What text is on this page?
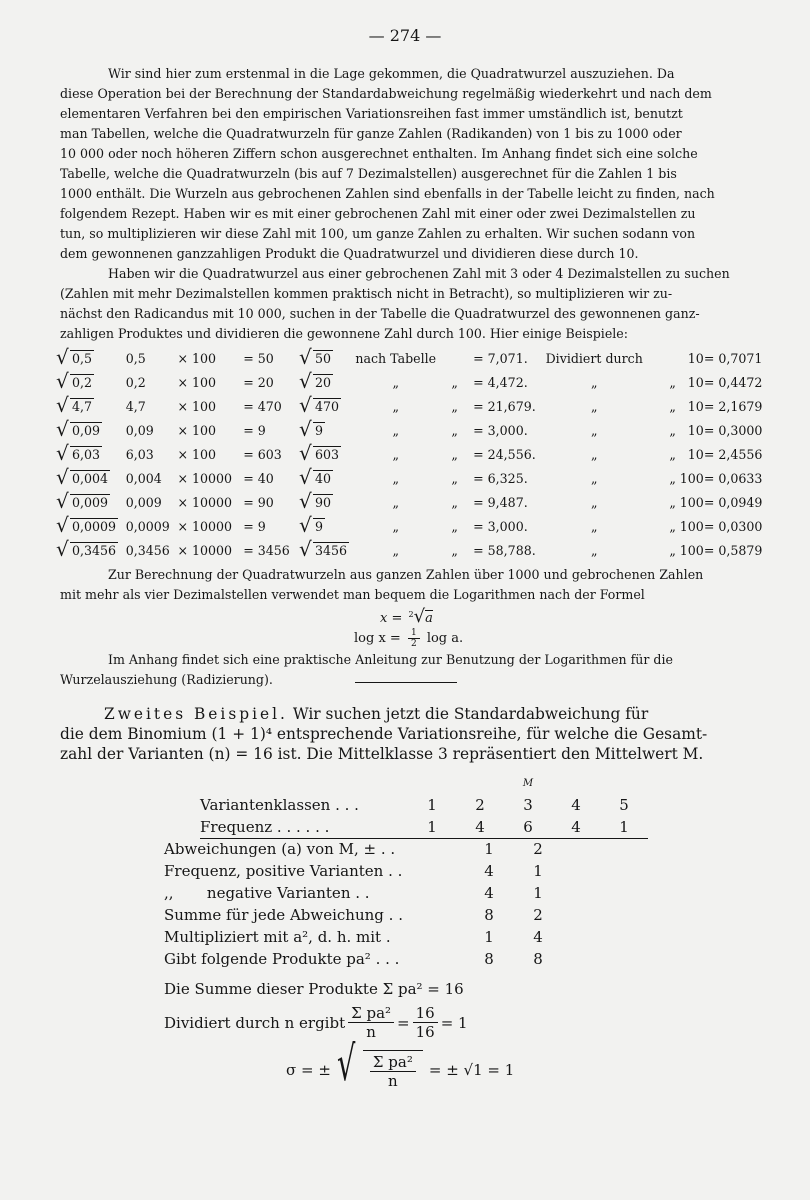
— 274 —
Wir sind hier zum erstenmal in die Lage gekommen, die Quadratwurzel auszuziehen. Da
diese Operation bei der Berechnung der Standardabweichung regelmäßig wiederkehrt und nach dem
elementaren Verfahren bei den empirischen Variationsreihen fast immer umständlich ist, benutzt
man Tabellen, welche die Quadratwurzeln für ganze Zahlen (Radikanden) von 1 bis zu 1000 oder
10 000 oder noch höheren Ziffern schon ausgerechnet enthalten. Im Anhang findet sich eine solche
Tabelle, welche die Quadratwurzeln (bis auf 7 Dezimalstellen) ausgerechnet für die Zahlen 1 bis
1000 enthält. Die Wurzeln aus gebrochenen Zahlen sind ebenfalls in der Tabelle leicht zu finden, nach
folgendem Rezept. Haben wir es mit einer gebrochenen Zahl mit einer oder zwei Dezimalstellen zu
tun, so multiplizieren wir diese Zahl mit 100, um ganze Zahlen zu erhalten. Wir suchen sodann von
dem gewonnenen ganzzahligen Produkt die Quadratwurzel und dividieren diese durch 10.
Haben wir die Quadratwurzel aus einer gebrochenen Zahl mit 3 oder 4 Dezimalstellen zu suchen
(Zahlen mit mehr Dezimalstellen kommen praktisch nicht in Betracht), so multiplizieren wir zu-
nächst den Radicandus mit 10 000, suchen in der Tabelle die Quadratwurzel des gewonnenen ganz-
zahligen Produktes und dividieren die gewonnene Zahl durch 100. Hier einige Beispiele:
√ 0,5	0,5	× 100	= 50	√ 50	nach Tabelle		= 7,071.	Dividiert durch		10	= 0,7071
√ 0,2	0,2	× 100	= 20	√ 20	„	„	= 4,472.	„	„	10	= 0,4472
√ 4,7	4,7	× 100	= 470	√ 470	„	„	= 21,679.	„	„	10	= 2,1679
√ 0,09	0,09	× 100	= 9	√ 9	„	„	= 3,000.	„	„	10	= 0,3000
√ 6,03	6,03	× 100	= 603	√ 603	„	„	= 24,556.	„	„	10	= 2,4556
√ 0,004	0,004	× 10000	= 40	√ 40	„	„	= 6,325.	„	„	100	= 0,0633
√ 0,009	0,009	× 10000	= 90	√ 90	„	„	= 9,487.	„	„	100	= 0,0949
√ 0,0009	0,0009	× 10000	= 9	√ 9	„	„	= 3,000.	„	„	100	= 0,0300
√ 0,3456	0,3456	× 10000	= 3456	√ 3456	„	„	= 58,788.	„	„	100	= 0,5879
Zur Berechnung der Quadratwurzeln aus ganzen Zahlen über 1000 und gebrochenen Zahlen
mit mehr als vier Dezimalstellen verwendet man bequem die Logarithmen nach der Formel
x = $^2$√a
$\log x = \frac{1}{2}$ log a.
Im Anhang findet sich eine praktische Anleitung zur Benutzung der Logarithmen für die
Wurzelausziehung (Radizierung).
Zweites Beispiel. Wir suchen jetzt die Standardabweichung für
die dem Binomium (1 + 1)⁴ entsprechende Variationsreihe, für welche die Gesamt-
zahl der Varianten (n) = 16 ist. Die Mittelklasse 3 repräsentiert den Mittelwert M.
			M		
Variantenklassen . . .	1	2	3	4	5
Frequenz . . . . . .	1	4	6	4	1
Abweichungen (a) von M, ± . .	1	2
Frequenz, positive Varianten . .	4	1
,,       negative Varianten . .	4	1
Summe für jede Abweichung . .	8	2
Multipliziert mit a², d. h. mit .	1	4
Gibt folgende Produkte pa² . . .	8	8
Die Summe dieser Produkte Σ pa² = 16
Dividiert durch n ergibt $\frac{\text{Σ pa²}}{n} = \frac{16}{16} = 1$
σ = ±	√ $\frac{\text{Σ pa²}}{n}$ = ± √1 = 1
